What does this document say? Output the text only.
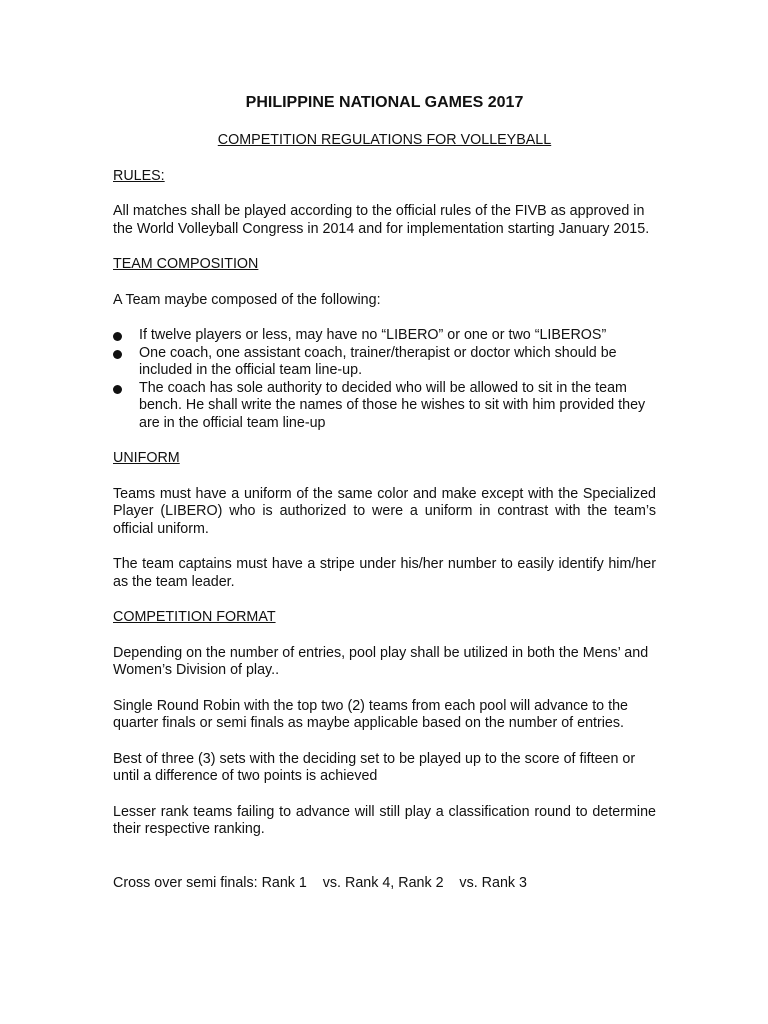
PHILIPPINE NATIONAL GAMES 2017
COMPETITION REGULATIONS FOR VOLLEYBALL
RULES:
All matches shall be played according to the official rules of the FIVB as approved in the World Volleyball Congress in 2014 and for implementation starting January 2015.
TEAM COMPOSITION
A Team maybe composed of the following:
If twelve players or less, may have no “LIBERO” or one or two “LIBEROS”
One coach, one assistant coach, trainer/therapist or doctor which should be included in the official team line-up.
The coach has sole authority to decided who will be allowed to sit in the team bench. He shall write the names of those he wishes to sit with him provided they are in the official team line-up
UNIFORM
Teams must have a uniform of the same color and make except with the Specialized Player (LIBERO) who is authorized to were a uniform in contrast with the team’s official uniform.
The team captains must have a stripe under his/her number to easily identify him/her as the team leader.
COMPETITION FORMAT
Depending on the number of entries, pool play shall be utilized in both the Mens’ and Women’s Division of play..
Single Round Robin with the top two (2) teams from each pool will advance to the quarter finals or semi finals as maybe applicable based on the number of entries.
Best of three (3) sets with the deciding set to be played up to the score of fifteen or until a difference of two points is achieved
Lesser rank teams failing to advance will still play a classification round to determine their respective ranking.
Cross over semi finals: Rank 1    vs. Rank 4, Rank 2    vs. Rank 3
